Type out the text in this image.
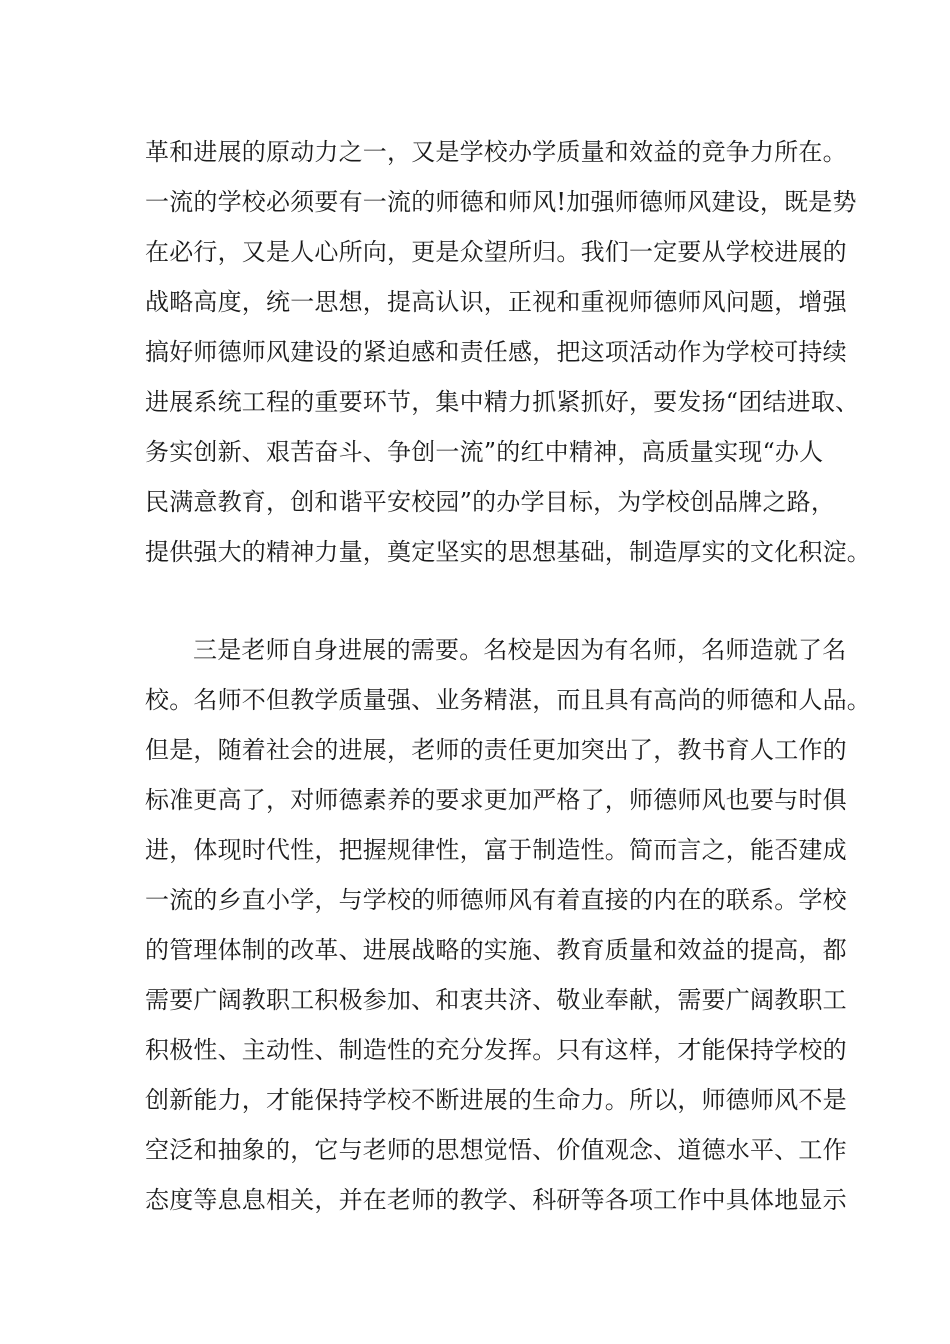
革和进展的原动力之一，又是学校办学质量和效益的竞争力所在。
一流的学校必须要有一流的师德和师风!加强师德师风建设，既是势
在必行，又是人心所向，更是众望所归。我们一定要从学校进展的
战略高度，统一思想，提高认识，正视和重视师德师风问题，增强
搞好师德师风建设的紧迫感和责任感，把这项活动作为学校可持续
进展系统工程的重要环节，集中精力抓紧抓好，要发扬“团结进取、
务实创新、艰苦奋斗、争创一流”的红中精神，高质量实现“办人
民满意教育，创和谐平安校园”的办学目标，为学校创品牌之路，
提供强大的精神力量，奠定坚实的思想基础，制造厚实的文化积淀。
三是老师自身进展的需要。名校是因为有名师，名师造就了名
校。名师不但教学质量强、业务精湛，而且具有高尚的师德和人品。
但是，随着社会的进展，老师的责任更加突出了，教书育人工作的
标准更高了，对师德素养的要求更加严格了，师德师风也要与时俱
进，体现时代性，把握规律性，富于制造性。简而言之，能否建成
一流的乡直小学，与学校的师德师风有着直接的内在的联系。学校
的管理体制的改革、进展战略的实施、教育质量和效益的提高，都
需要广阔教职工积极参加、和衷共济、敬业奉献，需要广阔教职工
积极性、主动性、制造性的充分发挥。只有这样，才能保持学校的
创新能力，才能保持学校不断进展的生命力。所以，师德师风不是
空泛和抽象的，它与老师的思想觉悟、价值观念、道德水平、工作
态度等息息相关，并在老师的教学、科研等各项工作中具体地显示
